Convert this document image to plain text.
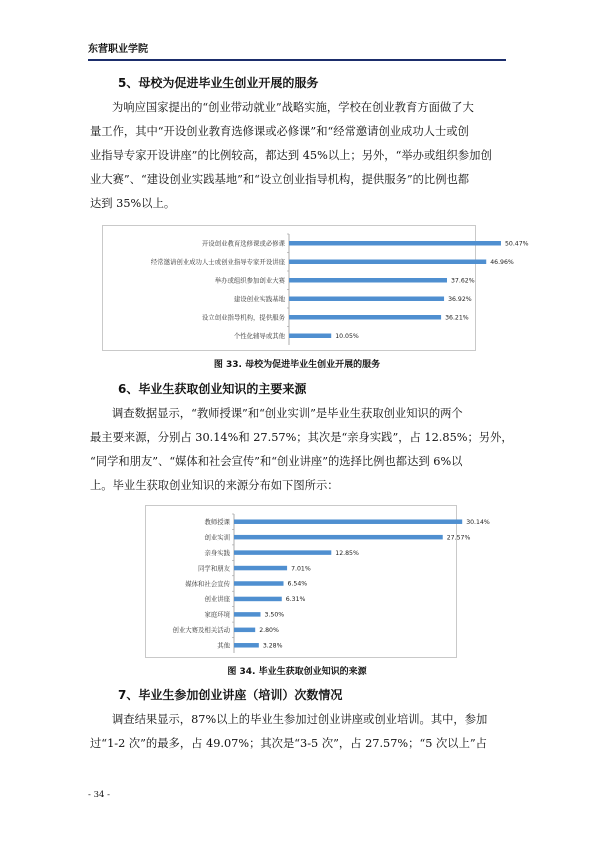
东营职业学院
5、母校为促进毕业生创业开展的服务
为响应国家提出的“创业带动就业”战略实施，学校在创业教育方面做了大
量工作，其中“开设创业教育选修课或必修课”和“经常邀请创业成功人士或创
业指导专家开设讲座”的比例较高，都达到 45%以上；另外，“举办或组织参加创
业大赛”、“建设创业实践基地”和“设立创业指导机构，提供服务”的比例也都
达到 35%以上。
开设创业教育选修课或必修课	50.47%
经常邀请创业成功人士或创业指导专家开设讲座	46.96%
举办或组织参加创业大赛	37.62%
建设创业实践基地	36.92%
设立创业指导机构，提供服务	36.21%
个性化辅导或其他	10.05%
图 33. 母校为促进毕业生创业开展的服务
6、毕业生获取创业知识的主要来源
调查数据显示，“教师授课”和“创业实训”是毕业生获取创业知识的两个
最主要来源，分别占 30.14%和 27.57%；其次是“亲身实践”，占 12.85%；另外，
“同学和朋友”、“媒体和社会宣传”和“创业讲座”的选择比例也都达到 6%以
上。毕业生获取创业知识的来源分布如下图所示：
教师授课	30.14%
创业实训	27.57%
亲身实践	12.85%
同学和朋友	7.01%
媒体和社会宣传	6.54%
创业讲座	6.31%
家庭环境	3.50%
创业大赛及相关活动	2.80%
其他	3.28%
图 34. 毕业生获取创业知识的来源
7、毕业生参加创业讲座（培训）次数情况
调查结果显示，87%以上的毕业生参加过创业讲座或创业培训。其中，参加
过“1-2 次”的最多，占 49.07%；其次是“3-5 次”，占 27.57%；“5 次以上”占
- 34 -
